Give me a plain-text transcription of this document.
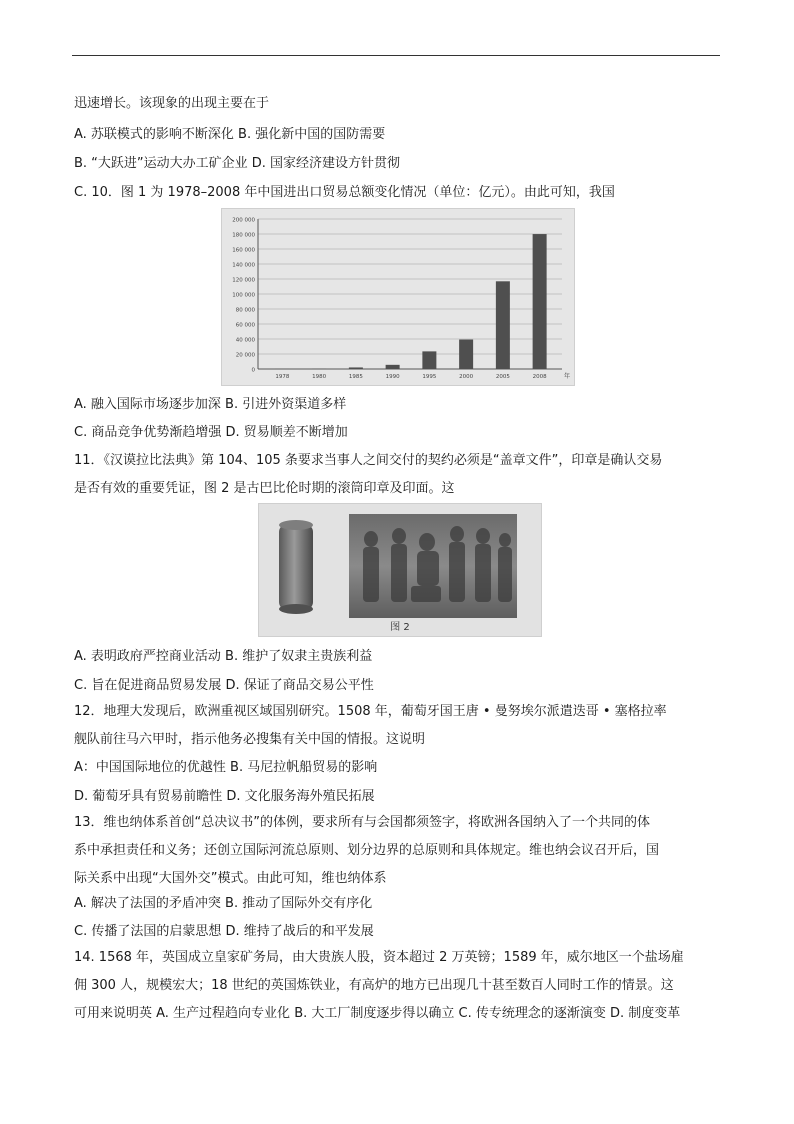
迅速增长。该现象的出现主要在于
A. 苏联模式的影响不断深化 B. 强化新中国的国防需要
B. “大跃进”运动大办工矿企业 D. 国家经济建设方针贯彻
C. 10．图 1 为 1978–2008 年中国进出口贸易总额变化情况（单位：亿元）。由此可知，我国
A. 融入国际市场逐步加深 B. 引进外资渠道多样
C. 商品竞争优势渐趋增强 D. 贸易顺差不断增加
11．《汉谟拉比法典》第 104、105 条要求当事人之间交付的契约必须是“盖章文件”，印章是确认交易
是否有效的重要凭证，图 2 是古巴比伦时期的滚筒印章及印面。这
A. 表明政府严控商业活动 B. 维护了奴隶主贵族利益
C. 旨在促进商品贸易发展 D. 保证了商品交易公平性
12．地理大发现后，欧洲重视区域国别研究。1508 年，葡萄牙国王唐 • 曼努埃尔派遣迭哥 • 塞格拉率
舰队前往马六甲时，指示他务必搜集有关中国的情报。这说明
A：中国国际地位的优越性 B. 马尼拉帆船贸易的影响
D. 葡萄牙具有贸易前瞻性 D. 文化服务海外殖民拓展
13．维也纳体系首创“总决议书”的体例，要求所有与会国都须签字，将欧洲各国纳入了一个共同的体
系中承担责任和义务；还创立国际河流总原则、划分边界的总原则和具体规定。维也纳会议召开后，国
际关系中出现“大国外交”模式。由此可知，维也纳体系
A. 解决了法国的矛盾冲突 B. 推动了国际外交有序化
C. 传播了法国的启蒙思想 D. 维持了战后的和平发展
14. 1568 年，英国成立皇家矿务局，由大贵族人股，资本超过 2 万英镑；1589 年，威尔地区一个盐场雇
佣 300 人，规模宏大；18 世纪的英国炼铁业，有高炉的地方已出现几十甚至数百人同时工作的情景。这
可用来说明英 A. 生产过程趋向专业化 B. 大工厂制度逐步得以确立 C. 传专统理念的逐渐演变 D. 制度变革
0
20 000
40 000
60 000
80 000
100 000
120 000
140 000
160 000
180 000
200 000
1978	1980	1985	1990	1995	2000	2005	2008	年
图 2
